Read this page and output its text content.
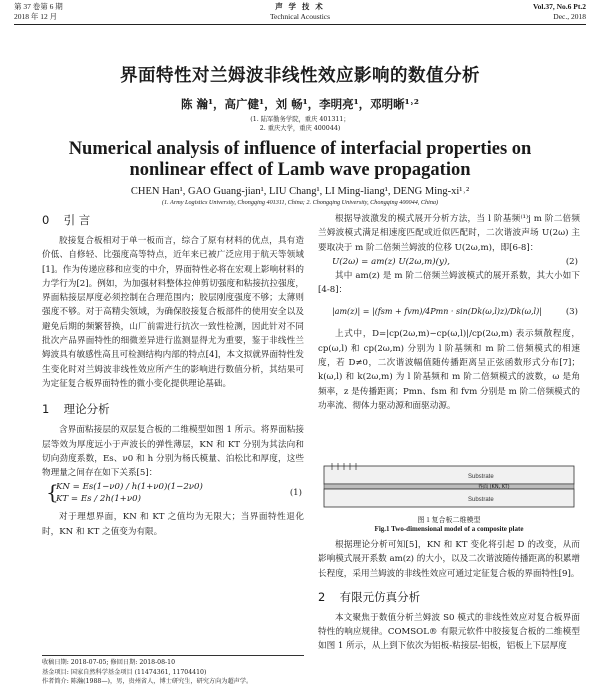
第 37 卷第 6 期
2018 年 12 月
声 学 技 术
Technical Acoustics
Vol.37, No.6 Pt.2
Dec., 2018
界面特性对兰姆波非线性效应影响的数值分析
陈 瀚¹，高广健¹，刘 畅¹，李明亮¹，邓明晰¹˒²
(1. 陆军勤务学院，重庆 401311；
2. 重庆大学，重庆 400044)
Numerical analysis of influence of interfacial properties on
nonlinear effect of Lamb wave propagation
CHEN Han¹, GAO Guang-jian¹, LIU Chang¹, LI Ming-liang¹, DENG Ming-xi¹˒²
(1. Army Logistics University, Chongqing 401311, China; 2. Chongqing University, Chongqing 400044, China)
0 引 言

胶接复合板相对于单一板而言，综合了原有材料的优点，具有造价低、自修轻、比强度高等特点，近年来已被广泛应用于航天等领域[1]。作为传递应移和应变的中介，界面特性必将在宏观上影响材料的力学行为[2]。例如，为加强材料整体拉伸剪切强度和粘接抗拉强度，界面粘接层厚度必须控制在合理范围内；胶层刚度强度不够；太薄则强度不够。对于高精尖领域，为确保胶接复合板部件的使用安全以及避免后期的频繁替换，山厂前需进行抗次一致性检测，因此针对不同批次产品界面特性的细微差异进行监测显得尤为重要，鉴于非线性兰姆波具有敏感性高且可检测结构内部的特点[4]，本文拟就界面特性发生变化时对兰姆波非线性效应所产生的影响进行数值分析，其结果可为定征复合板界面特性的微小变化提供理论基础。

1 理论分析

含界面粘接层的双层复合板的二维模型如图 1 所示。将界面粘接层等效为厚度远小于声波长的弹性薄层，KN 和 KT 分别为其法向和切向劲度系数，Es、ν0 和 h 分别为杨氏模量、泊松比和厚度，这些物理量之间存在如下关系[5]：

{
KN = Es(1−ν0) / h(1+ν0)(1−2ν0)
KT = Es / 2h(1+ν0)
(1)

对于理想界面，KN 和 KT 之值均为无限大；当界面特性退化时，KN 和 KT 之值变为有限。

根据导波激发的模式展开分析方法，当 l 阶基频⁽¹⁾j m 阶二倍频兰姆波模式满足相速度匹配或近似匹配时，二次谐波声场 U(2ω) 主要取决于 m 阶二倍频兰姆波的位移 U(2ω,m)，即[6-8]：

U(2ω) = am(z) U(2ω,m)(y),	(2)

其中 am(z) 是 m 阶二倍频兰姆波模式的展开系数，其大小如下[4-8]：

|am(z)| = |(fsm + fvm)/4Pmn · sin(Dk(ω,l)z)/Dk(ω,l)|	(3)

上式中，D=|cp(2ω,m)−cp(ω,l)|/cp(2ω,m) 表示频散程度，cp(ω,l) 和 cp(2ω,m) 分别为 l 阶基频和 m 阶二倍频模式的相速度，若 D≠0，二次谐波幅值随传播距离呈正弦函数形式分布[7]；k(ω,l) 和 k(2ω,m) 为 l 阶基频和 m 阶二倍频模式的波数，ω 是角频率，z 是传播距离；Pmn、fsm 和 fvm 分别是 m 阶二倍频模式的功率流、彻体力驱动源和面驱动源。

Substrate
界面 (KN, KT)
Substrate
图 1 复合板二维模型
Fig.1 Two-dimensional model of a composite plate

根据理论分析可知[5]，KN 和 KT 变化将引起 D 的改变，从而影响模式展开系数 am(z) 的大小，以及二次谐波随传播距离的积累增长程度，采用兰姆波的非线性效应可通过定征复合板的界面特性[9]。

2 有限元仿真分析

本文聚焦于数值分析兰姆波 S0 模式的非线性效应对复合板界面特性的响应规律。COMSOL® 有限元软件中胶接复合板的二维模型如图 1 所示，从上到下依次为铝板-粘接层-铝板，铝板上下层厚度

收稿日期: 2018-07-05; 修回日期: 2018-08-10
基金项目: 国家自然科学基金项目 (11474361, 11704410)
作者简介: 陈瀚(1988—)，男，贵州省人，博士研究生，研究方向为超声学。
